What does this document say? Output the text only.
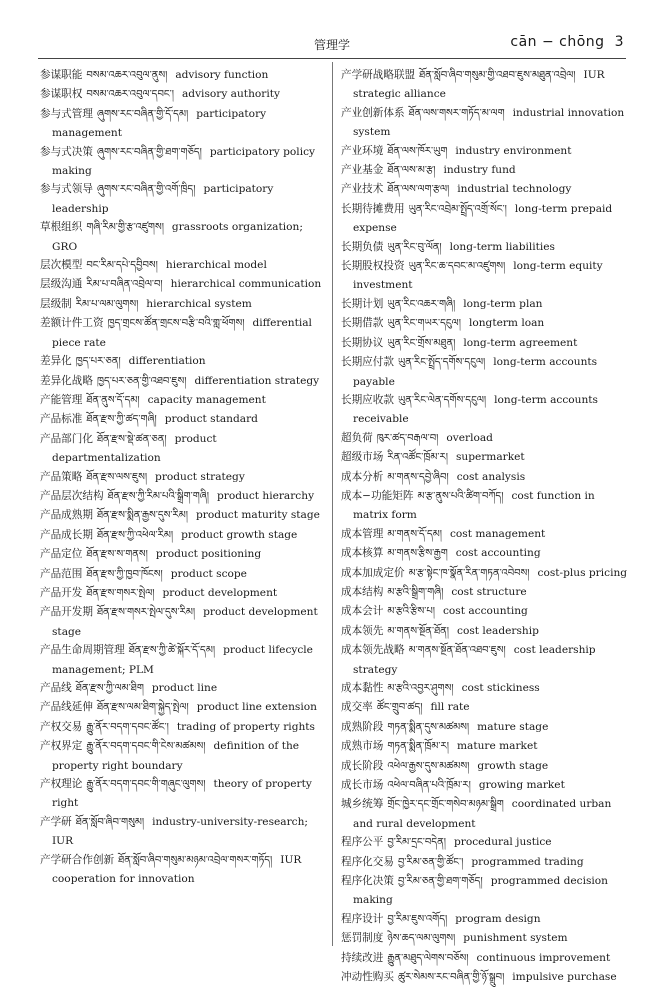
管理学	cān − chōng 3
参谋职能 བསམ་འཆར་འབུལ་ནུས། advisory function
参谋职权 བསམ་འཆར་འབུལ་དབང་། advisory authority
参与式管理 ཞུགས་རང་བཞིན་གྱི་དོ་དམ། participatory management
参与式决策 ཞུགས་རང་བཞིན་གྱི་ཐག་གཅོད། participatory policy making
参与式领导 ཞུགས་རང་བཞིན་གྱི་འགོ་ཁྲིད། participatory leadership
草根组织 གཞི་རིམ་གྱི་རྩ་འཛུགས། grassroots organization; GRO
层次模型 བང་རིམ་དཔེ་དབྱིབས། hierarchical model
层级沟通 རིམ་པ་བཞིན་འབྲེལ་བ། hierarchical communication
层级制 རིམ་པ་ལམ་ལུགས། hierarchical system
差额计件工资 ཁྱད་གྲངས་ཚོན་གྲངས་བརྩི་བའི་གླ་ཕོགས། differential piece rate
差异化 ཁྱད་པར་ཅན། differentiation
差异化战略 ཁྱད་པར་ཅན་གྱི་འཐབ་ཇུས། differentiation strategy
产能管理 ཐོན་ནུས་དོ་དམ། capacity management
产品标准 ཐོན་རྫས་ཀྱི་ཚད་གཞི། product standard
产品部门化 ཐོན་རྫས་སྡེ་ཚན་ཅན། product departmentalization
产品策略 ཐོན་རྫས་ལས་ཇུས། product strategy
产品层次结构 ཐོན་རྫས་ཀྱི་རིམ་པའི་སྒྲིག་གཞི། product hierarchy
产品成熟期 ཐོན་རྫས་སྨིན་རྒྱས་དུས་རིམ། product maturity stage
产品成长期 ཐོན་རྫས་ཀྱི་འཕེལ་རིམ། product growth stage
产品定位 ཐོན་རྫས་ས་གནས། product positioning
产品范围 ཐོན་རྫས་ཀྱི་ཁྱབ་ཁོངས། product scope
产品开发 ཐོན་རྫས་གསར་སྤེལ། product development
产品开发期 ཐོན་རྫས་གསར་སྤེལ་དུས་རིམ། product development stage
产品生命周期管理 ཐོན་རྫས་ཀྱི་ཚེ་སྐོར་དོ་དམ། product lifecycle management; PLM
产品线 ཐོན་རྫས་ཀྱི་ལམ་ཐིག product line
产品线延伸 ཐོན་རྫས་ལམ་ཐིག་སྐྱེད་སྤེལ། product line extension
产权交易 རྒྱུ་ནོར་བདག་དབང་ཚོང་། trading of property rights
产权界定 རྒྱུ་ནོར་བདག་དབང་གི་ངེས་མཚམས། definition of the property right boundary
产权理论 རྒྱུ་ནོར་བདག་དབང་གི་གཞུང་ལུགས། theory of property right
产学研 ཐོན་སློབ་ཞིབ་གསུམ། industry-university-research; IUR
产学研合作创新 ཐོན་སློབ་ཞིབ་གསུམ་མཉམ་འབྲེལ་གསར་གཏོད། IUR cooperation for innovation
产学研战略联盟 ཐོན་སློབ་ཞིབ་གསུམ་གྱི་འཐབ་ཇུས་མཐུན་འབྲེལ། IUR strategic alliance
产业创新体系 ཐོན་ལས་གསར་གཏོད་མ་ལག industrial innovation system
产业环境 ཐོན་ལས་ཁོར་ཡུག industry environment
产业基金 ཐོན་ལས་མ་རྩ། industry fund
产业技术 ཐོན་ལས་ལག་རྩལ། industrial technology
长期待摊费用 ཡུན་རིང་འབྲེམ་སྤྲོད་འགྲོ་སོང་། long-term prepaid expense
长期负债 ཡུན་རིང་བུ་ལོན། long-term liabilities
长期股权投资 ཡུན་རིང་ཆ་དབང་མ་འཛུགས། long-term equity investment
长期计划 ཡུན་རིང་འཆར་གཞི། long-term plan
长期借款 ཡུན་རིང་གཡར་དངུལ། longterm loan
长期协议 ཡུན་རིང་གྲོས་མཐུན། long-term agreement
长期应付款 ཡུན་རིང་སྤྲོད་དགོས་དངུལ། long-term accounts payable
长期应收款 ཡུན་རིང་ལེན་དགོས་དངུལ། long-term accounts receivable
超负荷 ཁུར་ཚད་བརྒལ་བ། overload
超级市场 རིན་འཚོང་ཁྲོམ་ར། supermarket
成本分析 མ་གནས་དབྱེ་ཞིབ། cost analysis
成本−功能矩阵 མ་རྩ་ནུས་པའི་ཚིག་བཀོད། cost function in matrix form
成本管理 མ་གནས་དོ་དམ། cost management
成本核算 མ་གནས་རྩིས་རྒྱག cost accounting
成本加成定价 མ་རྩ་སྟེང་ཁ་སྣོན་རིན་གཏན་འབེབས། cost-plus pricing
成本结构 མ་རྩའི་སྒྲིག་གཞི། cost structure
成本会计 མ་རྩའི་རྩིས་པ། cost accounting
成本领先 མ་གནས་སྔོན་ཐོན། cost leadership
成本领先战略 མ་གནས་སྔོན་ཐོན་འཐབ་ཇུས། cost leadership strategy
成本黏性 མ་རྩའི་འབྱར་ཤུགས། cost stickiness
成交率 ཚོང་གྲུབ་ཚད། fill rate
成熟阶段 གཏན་སྨིན་དུས་མཚམས། mature stage
成熟市场 གཏན་སྨིན་ཁྲོམ་ར། mature market
成长阶段 འཕེལ་རྒྱས་དུས་མཚམས། growth stage
成长市场 འཕེལ་བཞིན་པའི་ཁྲོམ་ར། growing market
城乡统筹 གྲོང་ཁྱེར་དང་གྲོང་གསེབ་མཉམ་སྒྲིག coordinated urban and rural development
程序公平 བྱ་རིམ་དྲང་བདེན། procedural justice
程序化交易 བྱ་རིམ་ཅན་གྱི་ཚོང་། programmed trading
程序化决策 བྱ་རིམ་ཅན་གྱི་ཐག་གཅོད། programmed decision making
程序设计 བྱ་རིམ་ཇུས་འགོད། program design
惩罚制度 ཉེས་ཆད་ལམ་ལུགས། punishment system
持续改进 རྒྱུན་མཐུད་ལེགས་བཅོས། continuous improvement
冲动性购买 ཚུར་སེམས་རང་བཞིན་གྱི་ཉོ་སྒྲུབ། impulsive purchase
